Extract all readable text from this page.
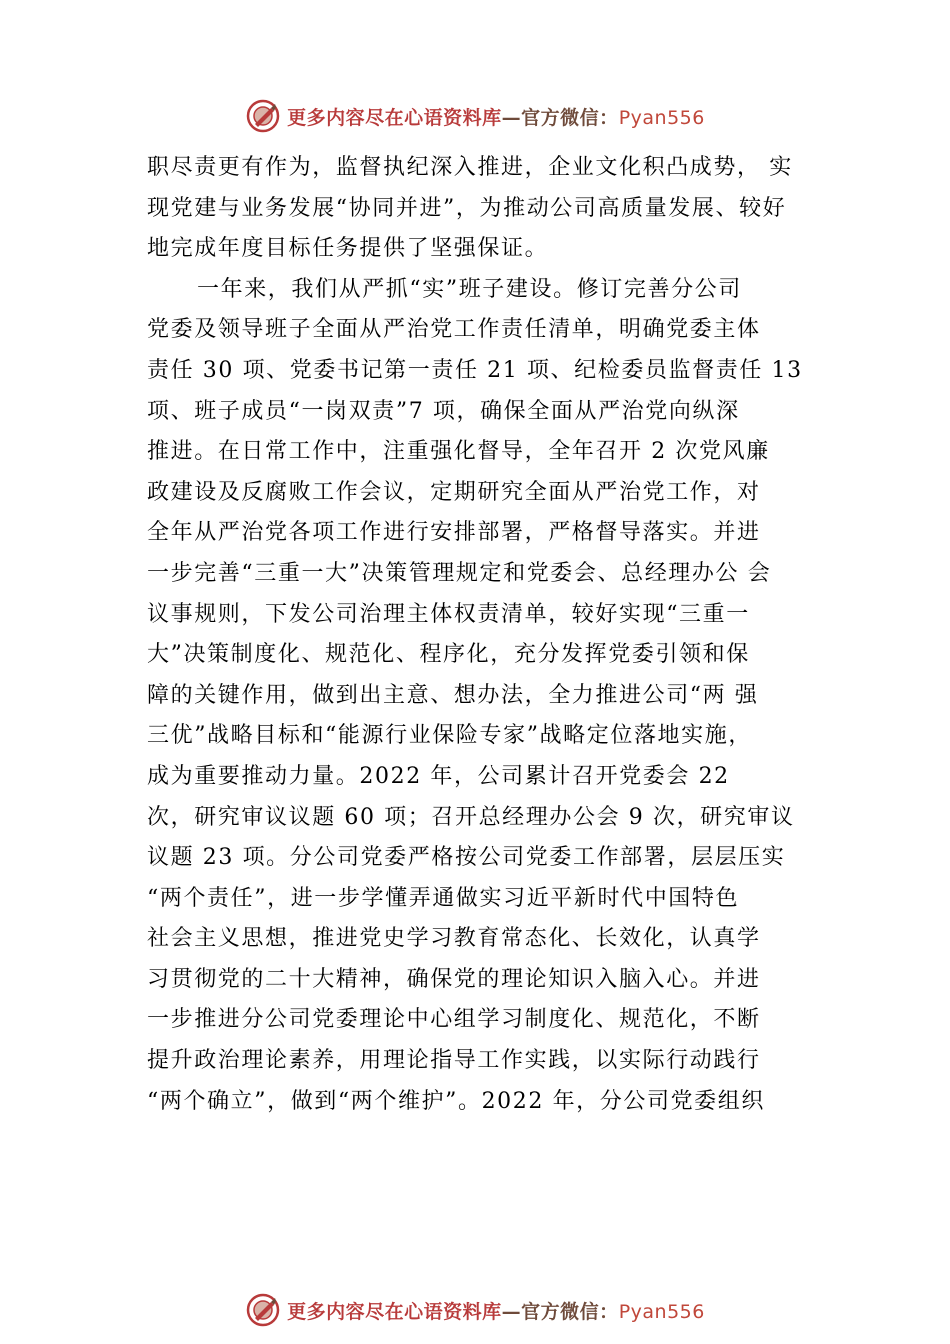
更多内容尽在心语资料库—官方微信：Pyan556
职尽责更有作为，监督执纪深入推进，企业文化积凸成势， 实
现党建与业务发展“协同并进”，为推动公司高质量发展、较好
地完成年度目标任务提供了坚强保证。
一年来，我们从严抓“实”班子建设。修订完善分公司
党委及领导班子全面从严治党工作责任清单，明确党委主体
责任 30 项、党委书记第一责任 21 项、纪检委员监督责任 13
项、班子成员“一岗双责”7 项，确保全面从严治党向纵深
推进。在日常工作中，注重强化督导，全年召开 2 次党风廉
政建设及反腐败工作会议，定期研究全面从严治党工作，对
全年从严治党各项工作进行安排部署，严格督导落实。并进
一步完善“三重一大”决策管理规定和党委会、总经理办公 会
议事规则，下发公司治理主体权责清单，较好实现“三重一
大”决策制度化、规范化、程序化，充分发挥党委引领和保
障的关键作用，做到出主意、想办法，全力推进公司“两 强
三优”战略目标和“能源行业保险专家”战略定位落地实施，
成为重要推动力量。2022 年，公司累计召开党委会 22
次，研究审议议题 60 项；召开总经理办公会 9 次，研究审议
议题 23 项。分公司党委严格按公司党委工作部署，层层压实
“两个责任”，进一步学懂弄通做实习近平新时代中国特色
社会主义思想，推进党史学习教育常态化、长效化，认真学
习贯彻党的二十大精神，确保党的理论知识入脑入心。并进
一步推进分公司党委理论中心组学习制度化、规范化，不断
提升政治理论素养，用理论指导工作实践，以实际行动践行
“两个确立”，做到“两个维护”。2022 年，分公司党委组织
更多内容尽在心语资料库—官方微信：Pyan556
